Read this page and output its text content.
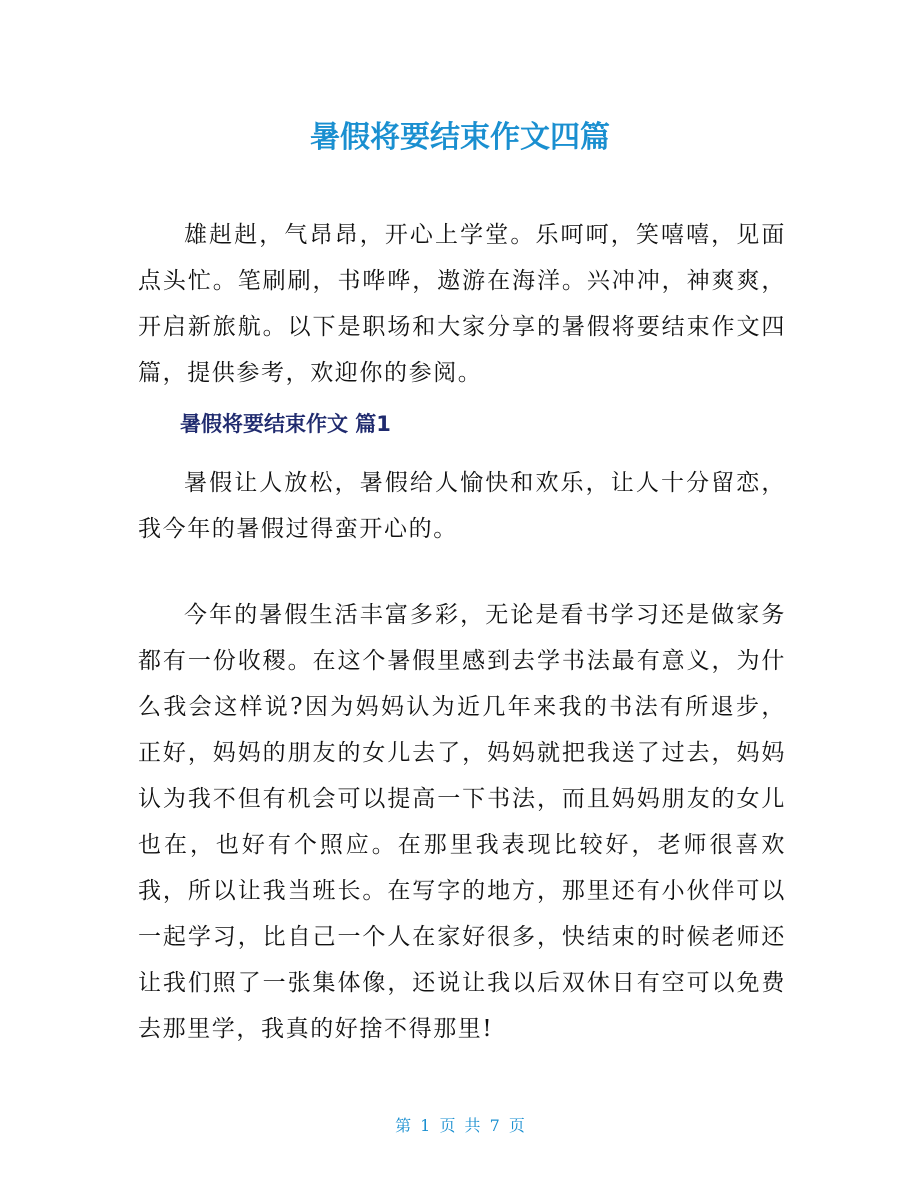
暑假将要结束作文四篇

雄赳赳，气昂昂，开心上学堂。乐呵呵，笑嘻嘻，见面点头忙。笔刷刷，书哗哗，遨游在海洋。兴冲冲，神爽爽，开启新旅航。以下是职场和大家分享的暑假将要结束作文四篇，提供参考，欢迎你的参阅。

暑假将要结束作文 篇1

暑假让人放松，暑假给人愉快和欢乐，让人十分留恋，我今年的暑假过得蛮开心的。

今年的暑假生活丰富多彩，无论是看书学习还是做家务都有一份收稷。在这个暑假里感到去学书法最有意义，为什么我会这样说?因为妈妈认为近几年来我的书法有所退步，正好，妈妈的朋友的女儿去了，妈妈就把我送了过去，妈妈认为我不但有机会可以提高一下书法，而且妈妈朋友的女儿也在，也好有个照应。在那里我表现比较好，老师很喜欢我，所以让我当班长。在写字的地方，那里还有小伙伴可以一起学习，比自己一个人在家好很多，快结束的时候老师还让我们照了一张集体像，还说让我以后双休日有空可以免费去那里学，我真的好捨不得那里!

第 1 页 共 7 页
